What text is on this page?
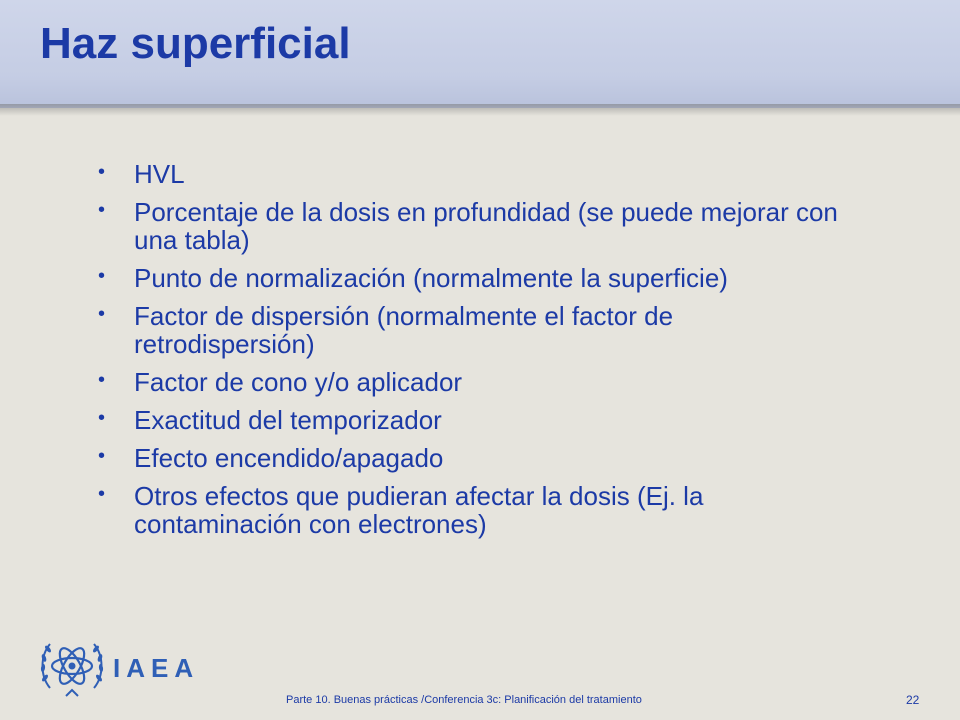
Haz superficial
• HVL
• Porcentaje de la dosis en profundidad (se puede mejorar con una tabla)
• Punto de normalización (normalmente la superficie)
• Factor de dispersión (normalmente el factor de retrodispersión)
• Factor de cono y/o aplicador
• Exactitud del temporizador
• Efecto encendido/apagado
• Otros efectos que pudieran afectar la dosis (Ej. la contaminación con electrones)
IAEA
Parte 10. Buenas prácticas /Conferencia 3c: Planificación del tratamiento	22
